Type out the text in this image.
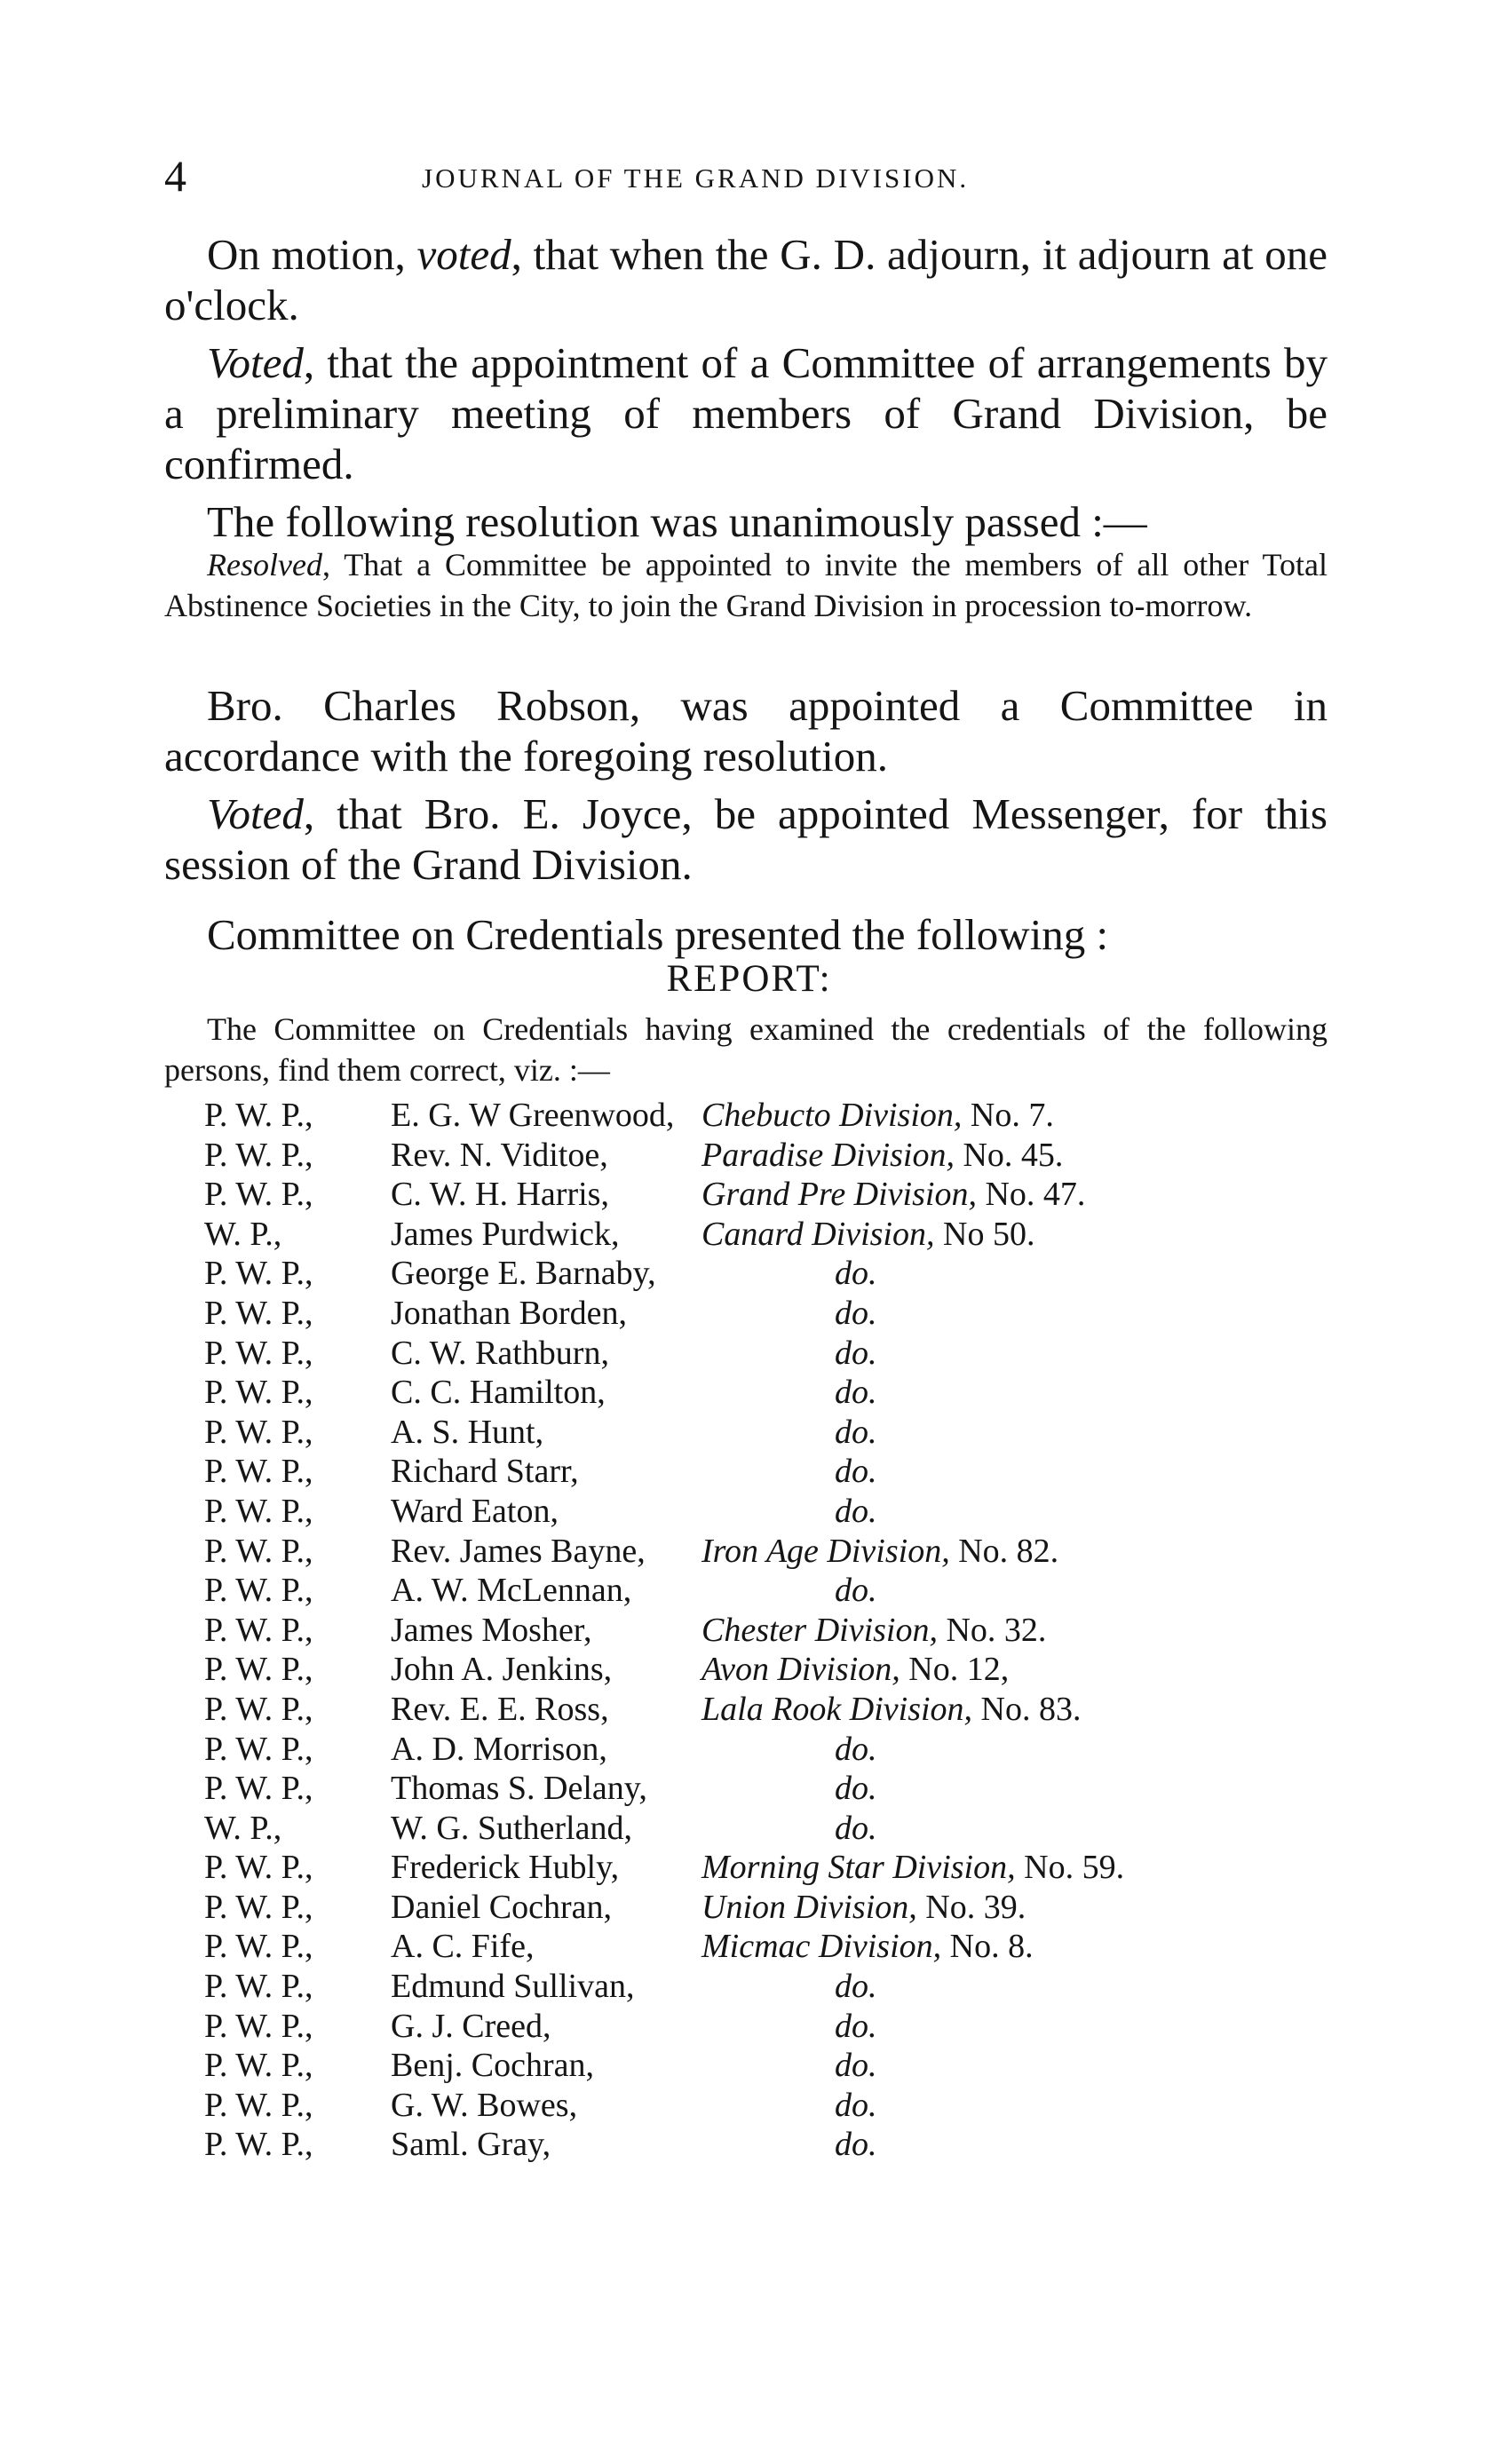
4	JOURNAL OF THE GRAND DIVISION.

On motion, voted, that when the G. D. adjourn, it adjourn at one o'clock.

Voted, that the appointment of a Committee of arrangements by a preliminary meeting of members of Grand Division, be confirmed.

The following resolution was unanimously passed :—

Resolved, That a Committee be appointed to invite the members of all other Total Abstinence Societies in the City, to join the Grand Division in procession to-morrow.

Bro. Charles Robson, was appointed a Committee in accordance with the foregoing resolution.

Voted, that Bro. E. Joyce, be appointed Messenger, for this session of the Grand Division.

Committee on Credentials presented the following :

REPORT:

The Committee on Credentials having examined the credentials of the following persons, find them correct, viz. :—

P. W. P., E. G. W Greenwood, Chebucto Division, No. 7.
P. W. P., Rev. N. Viditoe,	Paradise Division, No. 45.
P. W. P., C. W. H. Harris,	Grand Pre Division, No. 47.
W. P.,	James Purdwick, Canard Division, No 50.
P. W. P., George E. Barnaby,	do.
P. W. P., Jonathan Borden,	do.
P. W. P., C. W. Rathburn,	do.
P. W. P., C. C. Hamilton,	do.
P. W. P., A. S. Hunt,	do.
P. W. P., Richard Starr,	do.
P. W. P., Ward Eaton,	do.
P. W. P., Rev. James Bayne, Iron Age Division, No. 82.
P. W. P., A. W. McLennan,	do.
P. W. P., James Mosher,	Chester Division, No. 32.
P. W. P., John A. Jenkins,	Avon Division, No. 12,
P. W. P., Rev. E. E. Ross,	Lala Rook Division, No. 83.
P. W. P., A. D. Morrison,	do.
P. W. P., Thomas S. Delany,	do.
W. P.,	W. G. Sutherland,	do.
P. W. P., Frederick Hubly, Morning Star Division, No. 59.
P. W. P., Daniel Cochran,	Union Division, No. 39.
P. W. P., A. C. Fife,	Micmac Division, No. 8.
P. W. P., Edmund Sullivan,	do.
P. W. P., G. J. Creed,	do.
P. W. P., Benj. Cochran,	do.
P. W. P., G. W. Bowes,	do.
P. W. P., Saml. Gray,	do.
